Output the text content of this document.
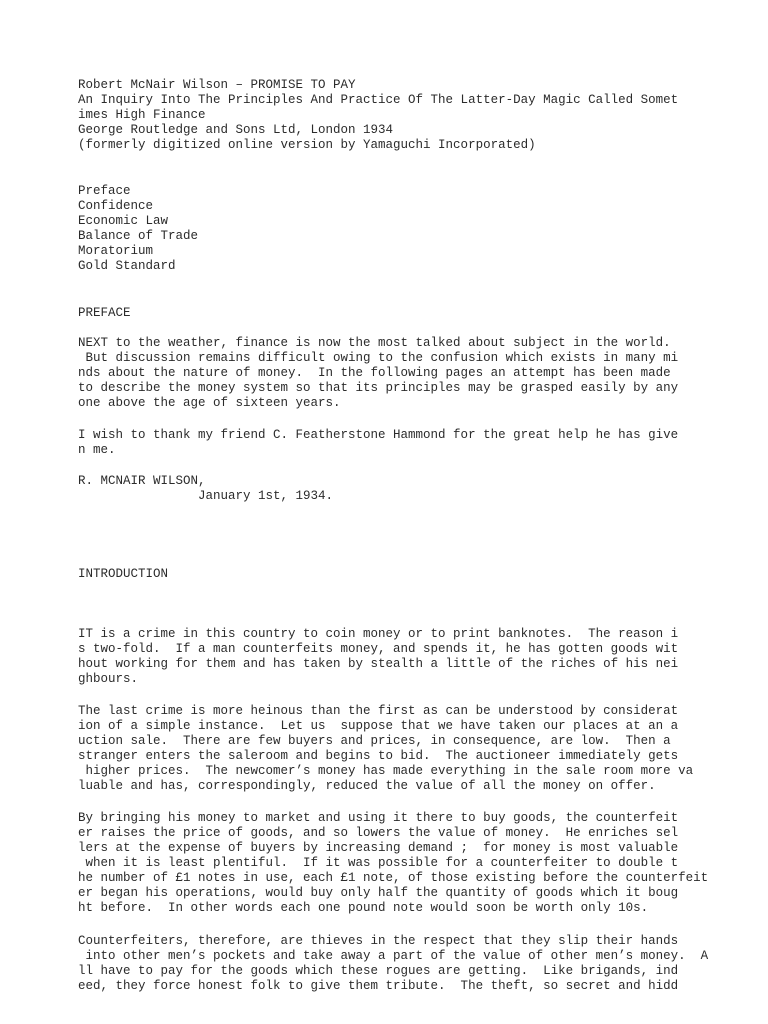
Robert McNair Wilson – PROMISE TO PAY

An Inquiry Into The Principles And Practice Of The Latter-Day Magic Called Somet

imes High Finance

George Routledge and Sons Ltd, London 1934

(formerly digitized online version by Yamaguchi Incorporated)

Preface

Confidence

Economic Law

Balance of Trade

Moratorium

Gold Standard

PREFACE

NEXT to the weather, finance is now the most talked about subject in the world.

But discussion remains difficult owing to the confusion which exists in many mi

nds about the nature of money.  In the following pages an attempt has been made

to describe the money system so that its principles may be grasped easily by any

one above the age of sixteen years.

I wish to thank my friend C. Featherstone Hammond for the great help he has give

n me.

R. MCNAIR WILSON,

January 1st, 1934.

INTRODUCTION

IT is a crime in this country to coin money or to print banknotes.  The reason i

s two-fold.  If a man counterfeits money, and spends it, he has gotten goods wit

hout working for them and has taken by stealth a little of the riches of his nei

ghbours.

The last crime is more heinous than the first as can be understood by considerat

ion of a simple instance.  Let us  suppose that we have taken our places at an a

uction sale.  There are few buyers and prices, in consequence, are low.  Then a

stranger enters the saleroom and begins to bid.  The auctioneer immediately gets

higher prices.  The newcomer’s money has made everything in the sale room more va

luable and has, correspondingly, reduced the value of all the money on offer.

By bringing his money to market and using it there to buy goods, the counterfeit

er raises the price of goods, and so lowers the value of money.  He enriches sel

lers at the expense of buyers by increasing demand ;  for money is most valuable

when it is least plentiful.  If it was possible for a counterfeiter to double t

he number of £1 notes in use, each £1 note, of those existing before the counterfeit

er began his operations, would buy only half the quantity of goods which it boug

ht before.  In other words each one pound note would soon be worth only 10s.

Counterfeiters, therefore, are thieves in the respect that they slip their hands

into other men’s pockets and take away a part of the value of other men’s money.  A

ll have to pay for the goods which these rogues are getting.  Like brigands, ind

eed, they force honest folk to give them tribute.  The theft, so secret and hidd
